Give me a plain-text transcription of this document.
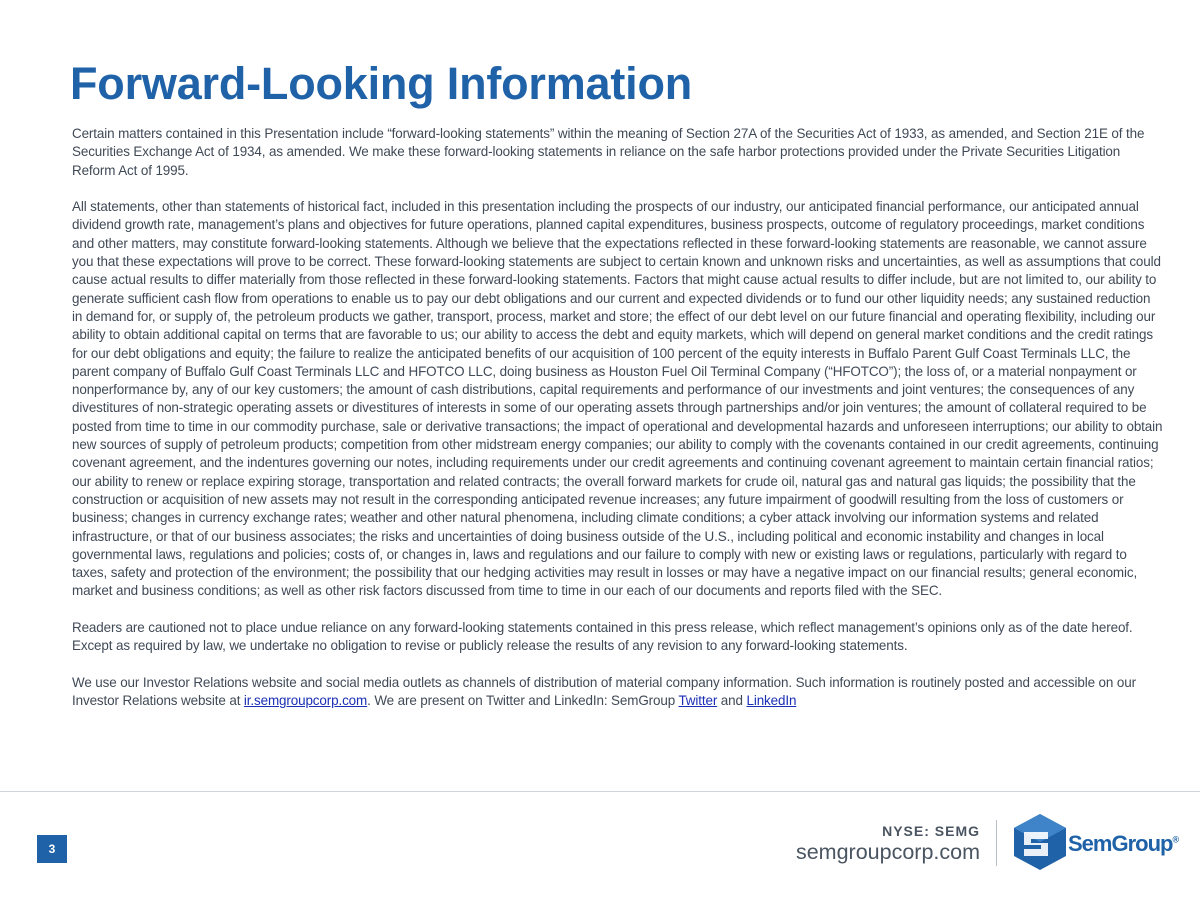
Forward-Looking Information

Certain matters contained in this Presentation include “forward-looking statements” within the meaning of Section 27A of the Securities Act of 1933, as amended, and Section 21E of the Securities Exchange Act of 1934, as amended. We make these forward-looking statements in reliance on the safe harbor protections provided under the Private Securities Litigation Reform Act of 1995.

All statements, other than statements of historical fact, included in this presentation including the prospects of our industry, our anticipated financial performance, our anticipated annual dividend growth rate, management’s plans and objectives for future operations, planned capital expenditures, business prospects, outcome of regulatory proceedings, market conditions and other matters, may constitute forward-looking statements. Although we believe that the expectations reflected in these forward-looking statements are reasonable, we cannot assure you that these expectations will prove to be correct. These forward-looking statements are subject to certain known and unknown risks and uncertainties, as well as assumptions that could cause actual results to differ materially from those reflected in these forward-looking statements. Factors that might cause actual results to differ include, but are not limited to, our ability to generate sufficient cash flow from operations to enable us to pay our debt obligations and our current and expected dividends or to fund our other liquidity needs; any sustained reduction in demand for, or supply of, the petroleum products we gather, transport, process, market and store; the effect of our debt level on our future financial and operating flexibility, including our ability to obtain additional capital on terms that are favorable to us; our ability to access the debt and equity markets, which will depend on general market conditions and the credit ratings for our debt obligations and equity; the failure to realize the anticipated benefits of our acquisition of 100 percent of the equity interests in Buffalo Parent Gulf Coast Terminals LLC, the parent company of Buffalo Gulf Coast Terminals LLC and HFOTCO LLC, doing business as Houston Fuel Oil Terminal Company (“HFOTCO”); the loss of, or a material nonpayment or nonperformance by, any of our key customers; the amount of cash distributions, capital requirements and performance of our investments and joint ventures; the consequences of any divestitures of non-strategic operating assets or divestitures of interests in some of our operating assets through partnerships and/or join ventures; the amount of collateral required to be posted from time to time in our commodity purchase, sale or derivative transactions; the impact of operational and developmental hazards and unforeseen interruptions; our ability to obtain new sources of supply of petroleum products; competition from other midstream energy companies; our ability to comply with the covenants contained in our credit agreements, continuing covenant agreement, and the indentures governing our notes, including requirements under our credit agreements and continuing covenant agreement to maintain certain financial ratios; our ability to renew or replace expiring storage, transportation and related contracts; the overall forward markets for crude oil, natural gas and natural gas liquids; the possibility that the construction or acquisition of new assets may not result in the corresponding anticipated revenue increases; any future impairment of goodwill resulting from the loss of customers or business; changes in currency exchange rates; weather and other natural phenomena, including climate conditions; a cyber attack involving our information systems and related infrastructure, or that of our business associates; the risks and uncertainties of doing business outside of the U.S., including political and economic instability and changes in local governmental laws, regulations and policies; costs of, or changes in, laws and regulations and our failure to comply with new or existing laws or regulations, particularly with regard to taxes, safety and protection of the environment; the possibility that our hedging activities may result in losses or may have a negative impact on our financial results; general economic, market and business conditions; as well as other risk factors discussed from time to time in our each of our documents and reports filed with the SEC.

Readers are cautioned not to place undue reliance on any forward-looking statements contained in this press release, which reflect management’s opinions only as of the date hereof. Except as required by law, we undertake no obligation to revise or publicly release the results of any revision to any forward-looking statements.

We use our Investor Relations website and social media outlets as channels of distribution of material company information. Such information is routinely posted and accessible on our Investor Relations website at ir.semgroupcorp.com. We are present on Twitter and LinkedIn: SemGroup Twitter and LinkedIn

3
NYSE: SEMG
semgroupcorp.com	SemGroup®
